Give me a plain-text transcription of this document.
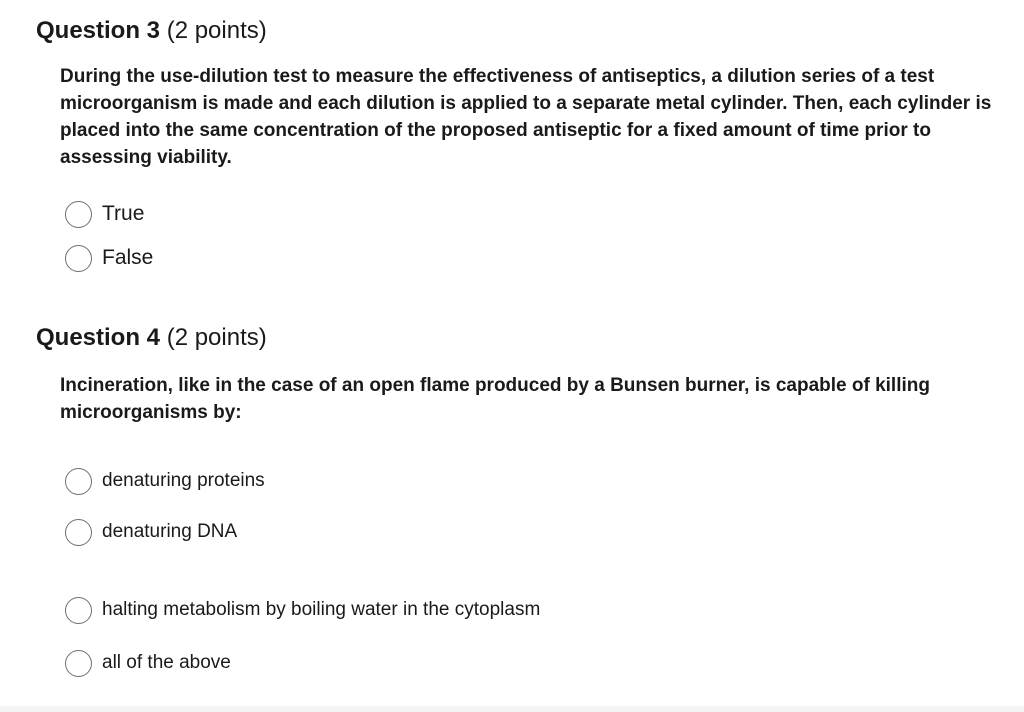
Question 3 (2 points)
During the use-dilution test to measure the effectiveness of antiseptics, a dilution series of a test microorganism is made and each dilution is applied to a separate metal cylinder. Then, each cylinder is placed into the same concentration of the proposed antiseptic for a fixed amount of time prior to assessing viability.
True
False
Question 4 (2 points)
Incineration, like in the case of an open flame produced by a Bunsen burner, is capable of killing microorganisms by:
denaturing proteins
denaturing DNA
halting metabolism by boiling water in the cytoplasm
all of the above
